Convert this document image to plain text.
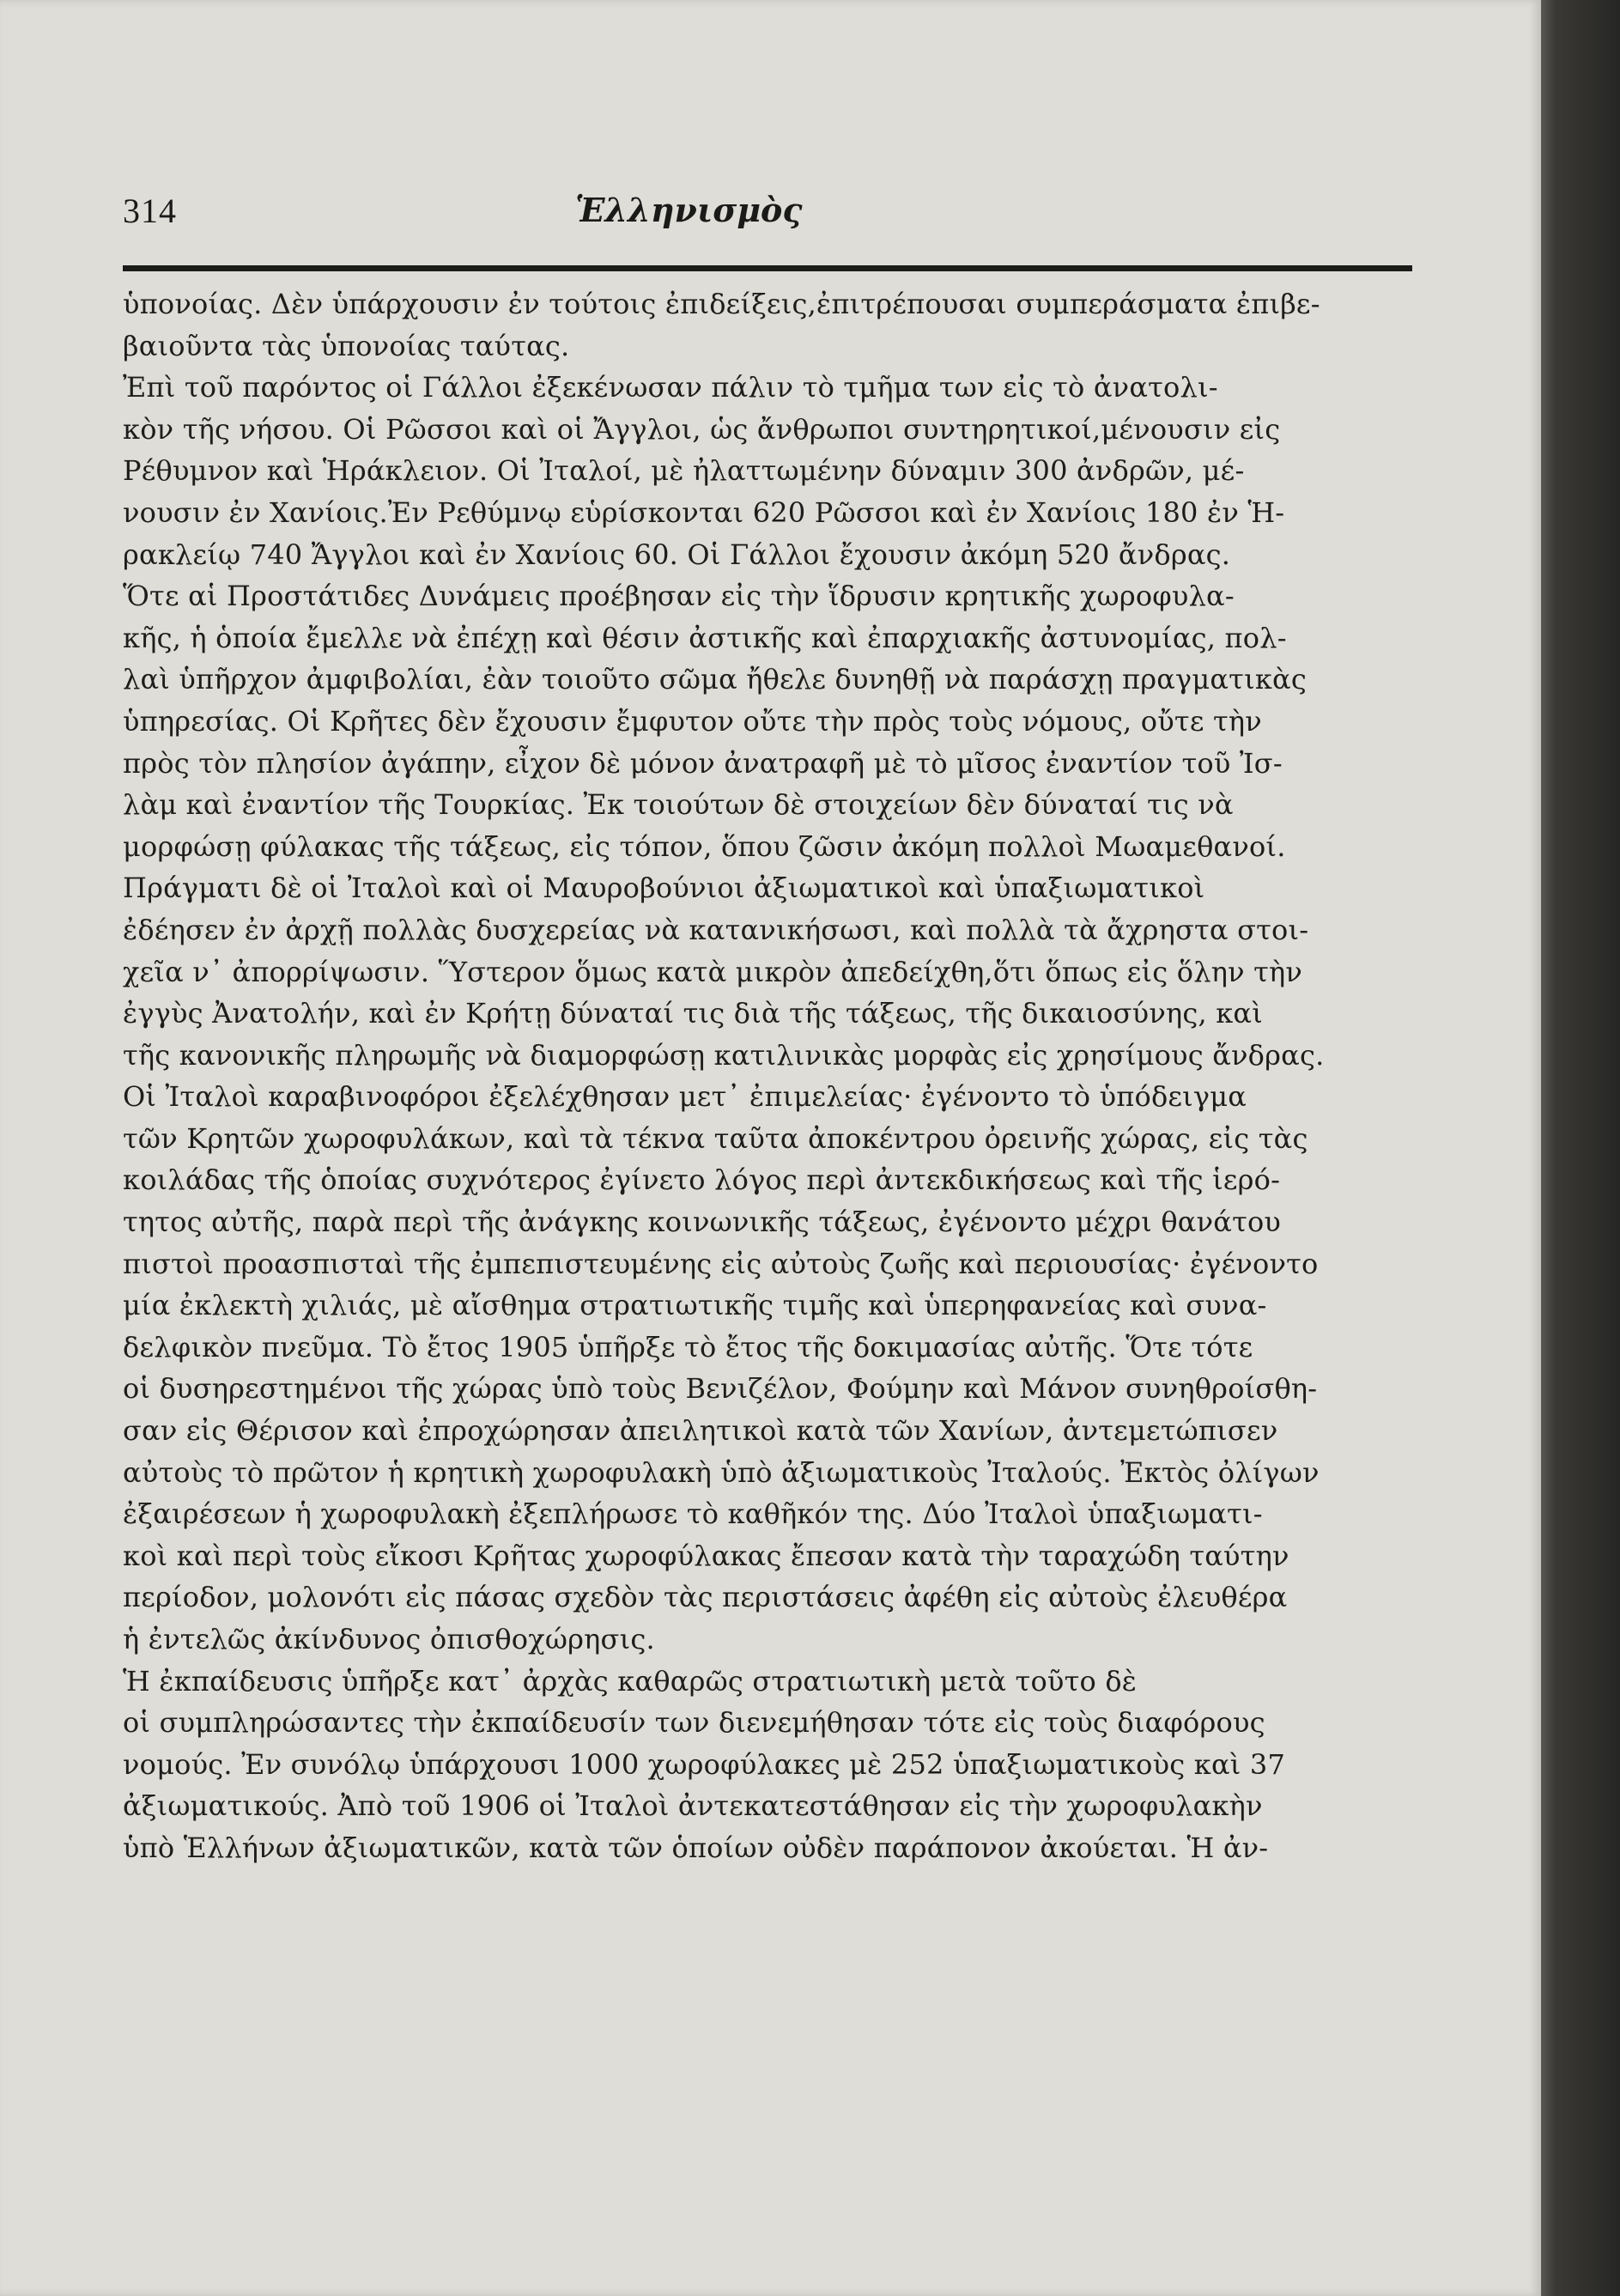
314	Ἑλληνισμὸς
ὑπονοίας. Δὲν ὑπάρχουσιν ἐν τούτοις ἐπιδείξεις,ἐπιτρέπουσαι συμπεράσματα ἐπιβε-
βαιοῦντα τὰς ὑπονοίας ταύτας.
Ἐπὶ τοῦ παρόντος οἱ Γάλλοι ἐξεκένωσαν πάλιν τὸ τμῆμα των εἰς τὸ ἀνατολι-
κὸν τῆς νήσου. Οἱ Ρῶσσοι καὶ οἱ Ἄγγλοι, ὡς ἄνθρωποι συντηρητικοί,μένουσιν εἰς
Ρέθυμνον καὶ Ἡράκλειον. Οἱ Ἰταλοί, μὲ ἠλαττωμένην δύναμιν 300 ἀνδρῶν, μέ-
νουσιν ἐν Χανίοις.Ἐν Ρεθύμνῳ εὑρίσκονται 620 Ρῶσσοι καὶ ἐν Χανίοις 180 ἐν Ἡ-
ρακλείῳ 740 Ἄγγλοι καὶ ἐν Χανίοις 60. Οἱ Γάλλοι ἔχουσιν ἀκόμη 520 ἄνδρας.
Ὅτε αἱ Προστάτιδες Δυνάμεις προέβησαν εἰς τὴν ἵδρυσιν κρητικῆς χωροφυλα-
κῆς, ἡ ὁποία ἔμελλε νὰ ἐπέχῃ καὶ θέσιν ἀστικῆς καὶ ἐπαρχιακῆς ἀστυνομίας, πολ-
λαὶ ὑπῆρχον ἀμφιβολίαι, ἐὰν τοιοῦτο σῶμα ἤθελε δυνηθῇ νὰ παράσχῃ πραγματικὰς
ὑπηρεσίας. Οἱ Κρῆτες δὲν ἔχουσιν ἔμφυτον οὔτε τὴν πρὸς τοὺς νόμους, οὔτε τὴν
πρὸς τὸν πλησίον ἀγάπην, εἶχον δὲ μόνον ἀνατραφῆ μὲ τὸ μῖσος ἐναντίον τοῦ Ἰσ-
λὰμ καὶ ἐναντίον τῆς Τουρκίας. Ἐκ τοιούτων δὲ στοιχείων δὲν δύναταί τις νὰ
μορφώσῃ φύλακας τῆς τάξεως, εἰς τόπον, ὅπου ζῶσιν ἀκόμη πολλοὶ Μωαμεθανοί.
Πράγματι δὲ οἱ Ἰταλοὶ καὶ οἱ Μαυροβούνιοι ἀξιωματικοὶ καὶ ὑπαξιωματικοὶ
ἐδέησεν ἐν ἀρχῇ πολλὰς δυσχερείας νὰ κατανικήσωσι, καὶ πολλὰ τὰ ἄχρηστα στοι-
χεῖα ν᾽ ἀπορρίψωσιν. Ὕστερον ὅμως κατὰ μικρὸν ἀπεδείχθη,ὅτι ὅπως εἰς ὅλην τὴν
ἐγγὺς Ἀνατολήν, καὶ ἐν Κρήτῃ δύναταί τις διὰ τῆς τάξεως, τῆς δικαιοσύνης, καὶ
τῆς κανονικῆς πληρωμῆς νὰ διαμορφώσῃ κατιλινικὰς μορφὰς εἰς χρησίμους ἄνδρας.
Οἱ Ἰταλοὶ καραβινοφόροι ἐξελέχθησαν μετ᾽ ἐπιμελείας· ἐγένοντο τὸ ὑπόδειγμα
τῶν Κρητῶν χωροφυλάκων, καὶ τὰ τέκνα ταῦτα ἀποκέντρου ὀρεινῆς χώρας, εἰς τὰς
κοιλάδας τῆς ὁποίας συχνότερος ἐγίνετο λόγος περὶ ἀντεκδικήσεως καὶ τῆς ἱερό-
τητος αὐτῆς, παρὰ περὶ τῆς ἀνάγκης κοινωνικῆς τάξεως, ἐγένοντο μέχρι θανάτου
πιστοὶ προασπισταὶ τῆς ἐμπεπιστευμένης εἰς αὐτοὺς ζωῆς καὶ περιουσίας· ἐγένοντο
μία ἐκλεκτὴ χιλιάς, μὲ αἴσθημα στρατιωτικῆς τιμῆς καὶ ὑπερηφανείας καὶ συνα-
δελφικὸν πνεῦμα. Τὸ ἔτος 1905 ὑπῆρξε τὸ ἔτος τῆς δοκιμασίας αὐτῆς. Ὅτε τότε
οἱ δυσηρεστημένοι τῆς χώρας ὑπὸ τοὺς Βενιζέλον, Φούμην καὶ Μάνον συνηθροίσθη-
σαν εἰς Θέρισον καὶ ἐπροχώρησαν ἀπειλητικοὶ κατὰ τῶν Χανίων, ἀντεμετώπισεν
αὐτοὺς τὸ πρῶτον ἡ κρητικὴ χωροφυλακὴ ὑπὸ ἀξιωματικοὺς Ἰταλούς. Ἐκτὸς ὀλίγων
ἐξαιρέσεων ἡ χωροφυλακὴ ἐξεπλήρωσε τὸ καθῆκόν της. Δύο Ἰταλοὶ ὑπαξιωματι-
κοὶ καὶ περὶ τοὺς εἴκοσι Κρῆτας χωροφύλακας ἔπεσαν κατὰ τὴν ταραχώδη ταύτην
περίοδον, μολονότι εἰς πάσας σχεδὸν τὰς περιστάσεις ἀφέθη εἰς αὐτοὺς ἐλευθέρα
ἡ ἐντελῶς ἀκίνδυνος ὀπισθοχώρησις.
Ἡ ἐκπαίδευσις ὑπῆρξε κατ᾽ ἀρχὰς καθαρῶς στρατιωτικὴ μετὰ τοῦτο δὲ
οἱ συμπληρώσαντες τὴν ἐκπαίδευσίν των διενεμήθησαν τότε εἰς τοὺς διαφόρους
νομούς. Ἐν συνόλῳ ὑπάρχουσι 1000 χωροφύλακες μὲ 252 ὑπαξιωματικοὺς καὶ 37
ἀξιωματικούς. Ἀπὸ τοῦ 1906 οἱ Ἰταλοὶ ἀντεκατεστάθησαν εἰς τὴν χωροφυλακὴν
ὑπὸ Ἑλλήνων ἀξιωματικῶν, κατὰ τῶν ὁποίων οὐδὲν παράπονον ἀκούεται. Ἡ ἀν-
